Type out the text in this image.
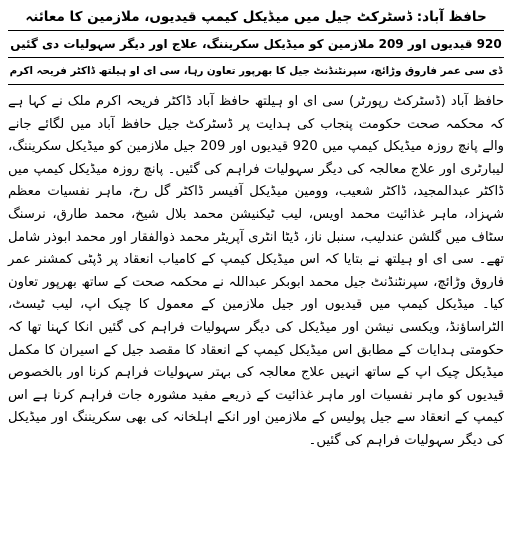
حافظ آباد: ڈسٹرکٹ جیل میں میڈیکل کیمپ قیدیوں، ملازمین کا معائنہ
920 قیدیوں اور 209 ملازمین کو میڈیکل سکریننگ، علاج اور دیگر سہولیات دی گئیں
ڈی سی عمر فاروق وڑائچ، سپرنٹنڈنٹ جیل کا بھرپور تعاون رہا، سی ای او ہیلتھ ڈاکٹر فریحہ اکرم

حافظ آباد (ڈسٹرکٹ رپورٹر) سی ای او ہیلتھ حافظ آباد ڈاکٹر فریحہ اکرم ملک نے کہا ہے کہ محکمہ صحت حکومت پنجاب کی ہدایت پر ڈسٹرکٹ جیل حافظ آباد میں لگائے جانے والے پانچ روزہ میڈیکل کیمپ میں 920 قیدیوں اور 209 جیل ملازمین کو میڈیکل سکریننگ، لیبارٹری اور علاج معالجہ کی دیگر سہولیات فراہم کی گئیں۔ پانچ روزہ میڈیکل کیمپ میں ڈاکٹر عبدالمجید، ڈاکٹر شعیب، وومین میڈیکل آفیسر ڈاکٹر گل رخ، ماہر نفسیات معظم شہزاد، ماہر غذائیت محمد اویس، لیب ٹیکنیشن محمد بلال شیخ، محمد طارق، نرسنگ سٹاف میں گلشن عندلیب، سنبل ناز، ڈیٹا انٹری آپریٹر محمد ذوالفقار اور محمد ابوذر شامل تھے۔ سی ای او ہیلتھ نے بتایا کہ اس میڈیکل کیمپ کے کامیاب انعقاد پر ڈپٹی کمشنر عمر فاروق وڑائچ، سپرنٹنڈنٹ جیل محمد ابوبکر عبداللہ نے محکمہ صحت کے ساتھ بھرپور تعاون کیا۔ میڈیکل کیمپ میں قیدیوں اور جیل ملازمین کے معمول کا چیک اپ، لیب ٹیسٹ، الٹراساؤنڈ، ویکسی نیشن اور میڈیکل کی دیگر سہولیات فراہم کی گئیں انکا کہنا تھا کہ حکومتی ہدایات کے مطابق اس میڈیکل کیمپ کے انعقاد کا مقصد جیل کے اسیران کا مکمل میڈیکل چیک اپ کے ساتھ انہیں علاج معالجہ کی بہتر سہولیات فراہم کرنا اور بالخصوص قیدیوں کو ماہر نفسیات اور ماہر غذائیت کے ذریعے مفید مشورہ جات فراہم کرنا ہے اس کیمپ کے انعقاد سے جیل پولیس کے ملازمین اور انکے اہلخانہ کی بھی سکریننگ اور میڈیکل کی دیگر سہولیات فراہم کی گئیں۔
